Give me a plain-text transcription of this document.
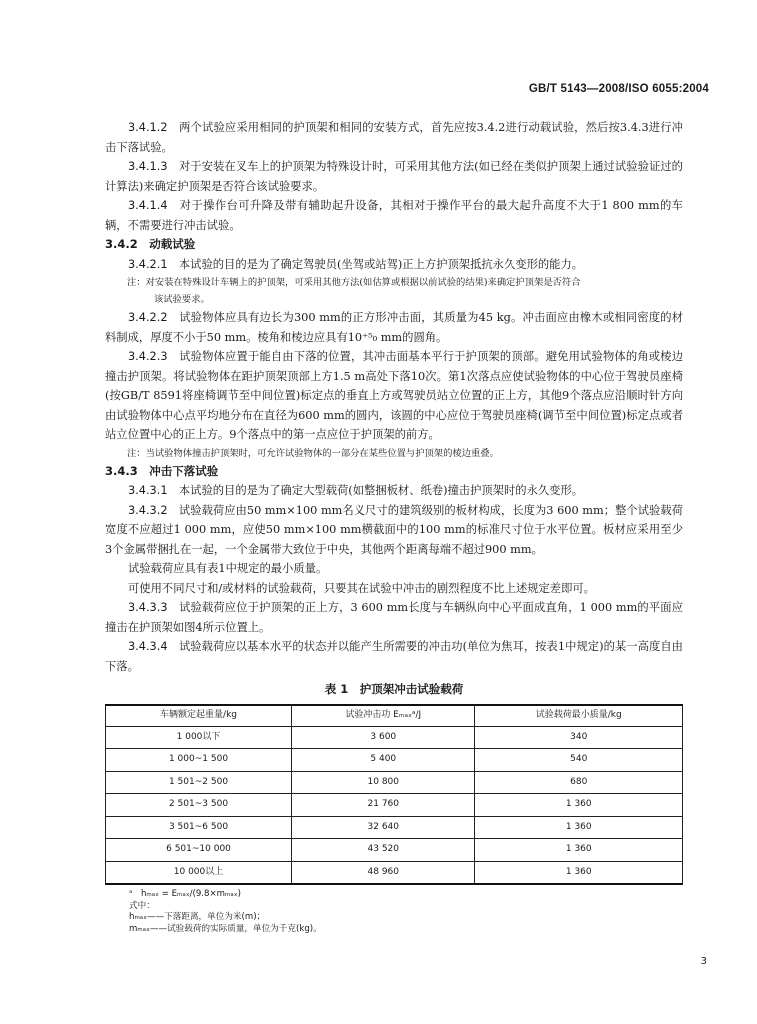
GB/T 5143—2008/ISO 6055:2004

3.4.1.2　 两个试验应采用相同的护顶架和相同的安装方式，首先应按3.4.2进行动载试验，然后按3.4.3进行冲击下落试验。

3.4.1.3　 对于安装在叉车上的护顶架为特殊设计时，可采用其他方法(如已经在类似护顶架上通过试验验证过的计算法)来确定护顶架是否符合该试验要求。

3.4.1.4　 对于操作台可升降及带有辅助起升设备，其相对于操作平台的最大起升高度不大于1 800 mm的车辆，不需要进行冲击试验。

3.4.2　动载试验

3.4.2.1　 本试验的目的是为了确定驾驶员(坐驾或站驾)正上方护顶架抵抗永久变形的能力。

注：对安装在特殊设计车辆上的护顶架，可采用其他方法(如估算或根据以前试验的结果)来确定护顶架是否符合
该试验要求。

3.4.2.2　 试验物体应具有边长为300 mm的正方形冲击面，其质量为45 kg。冲击面应由橡木或相同密度的材料制成，厚度不小于50 mm。棱角和棱边应具有10⁺⁵₀ mm的圆角。

3.4.2.3　 试验物体应置于能自由下落的位置，其冲击面基本平行于护顶架的顶部。避免用试验物体的角或棱边撞击护顶架。将试验物体在距护顶架顶部上方1.5 m高处下落10次。第1次落点应使试验物体的中心位于驾驶员座椅(按GB/T 8591将座椅调节至中间位置)标定点的垂直上方或驾驶员站立位置的正上方，其他9个落点应沿顺时针方向由试验物体中心点平均地分布在直径为600 mm的圆内，该圆的中心应位于驾驶员座椅(调节至中间位置)标定点或者站立位置中心的正上方。9个落点中的第一点应位于护顶架的前方。

注：当试验物体撞击护顶架时，可允许试验物体的一部分在某些位置与护顶架的棱边重叠。

3.4.3　冲击下落试验

3.4.3.1　 本试验的目的是为了确定大型载荷(如整捆板材、纸卷)撞击护顶架时的永久变形。

3.4.3.2　 试验载荷应由50 mm×100 mm名义尺寸的建筑级别的板材构成，长度为3 600 mm；整个试验载荷宽度不应超过1 000 mm，应使50 mm×100 mm横截面中的100 mm的标准尺寸位于水平位置。板材应采用至少3个金属带捆扎在一起，一个金属带大致位于中央，其他两个距离每端不超过900 mm。

试验载荷应具有表1中规定的最小质量。

可使用不同尺寸和/或材料的试验载荷，只要其在试验中冲击的剧烈程度不比上述规定差即可。

3.4.3.3　 试验载荷应位于护顶架的正上方，3 600 mm长度与车辆纵向中心平面成直角，1 000 mm的平面应撞击在护顶架如图4所示位置上。

3.4.3.4　 试验载荷应以基本水平的状态并以能产生所需要的冲击功(单位为焦耳，按表1中规定)的某一高度自由下落。

表 1　护顶架冲击试验载荷
车辆额定起重量/kg	试验冲击功 Eₘₐₓᵃ/J	试验载荷最小质量/kg
1 000以下	3 600	340
1 000~1 500	5 400	540
1 501~2 500	10 800	680
2 501~3 500	21 760	1 360
3 501~6 500	32 640	1 360
6 501~10 000	43 520	1 360
10 000以上	48 960	1 360
ᵃ　hₘₐₓ = Eₘₐₓ/(9.8×mₘₐₓ)
式中：
hₘₐₓ——下落距离，单位为米(m)；
mₘₐₓ——试验载荷的实际质量，单位为千克(kg)。
3
